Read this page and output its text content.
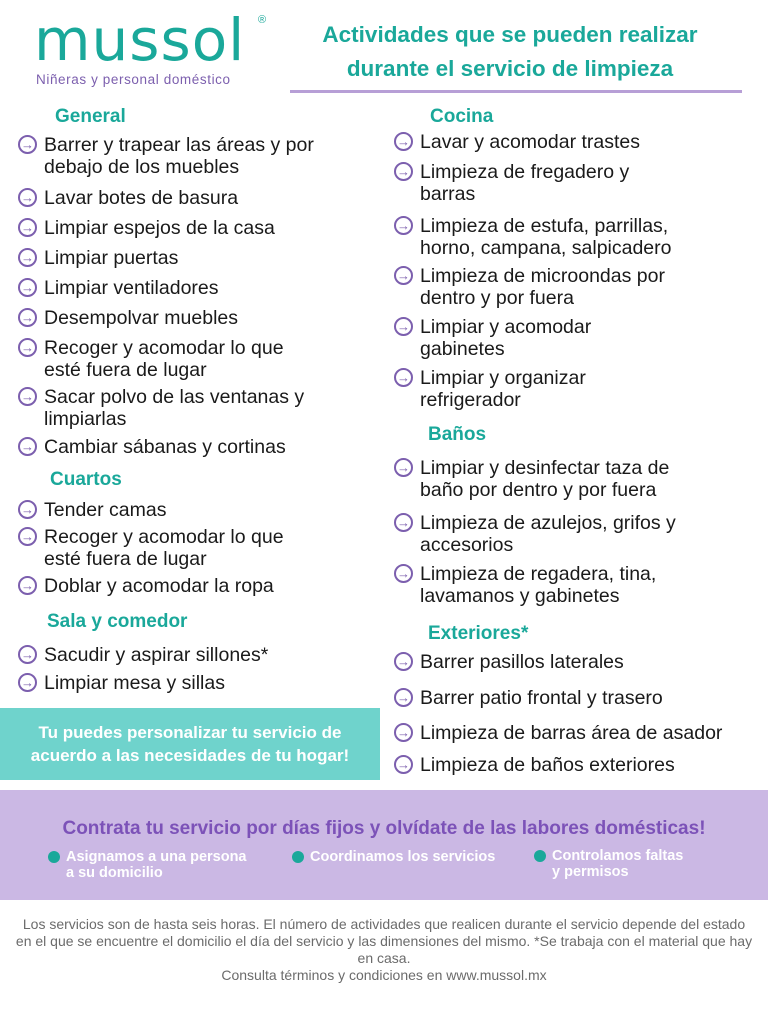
mussol ®
Niñeras y personal doméstico
Actividades que se pueden realizar
durante el servicio de limpieza
General
→ Barrer y trapear las áreas y por
debajo de los muebles
→ Lavar botes de basura
→ Limpiar espejos de la casa
→ Limpiar puertas
→ Limpiar ventiladores
→ Desempolvar muebles
→ Recoger y acomodar lo que
esté fuera de lugar
→ Sacar polvo de las ventanas y
limpiarlas
→ Cambiar sábanas y cortinas
Cuartos
→ Tender camas
→ Recoger y acomodar lo que
esté fuera de lugar
→ Doblar y acomodar la ropa
Sala y comedor
→ Sacudir y aspirar sillones*
→ Limpiar mesa y sillas
Cocina
→ Lavar y acomodar trastes
→ Limpieza de fregadero y
barras
→ Limpieza de estufa, parrillas,
horno, campana, salpicadero
→ Limpieza de microondas por
dentro y por fuera
→ Limpiar y acomodar
gabinetes
→ Limpiar y organizar
refrigerador
Baños
→ Limpiar y desinfectar taza de
baño por dentro y por fuera
→ Limpieza de azulejos, grifos y
accesorios
→ Limpieza de regadera, tina,
lavamanos y gabinetes
Exteriores*
→ Barrer pasillos laterales
→ Barrer patio frontal y trasero
→ Limpieza de barras área de asador
→ Limpieza de baños exteriores
Tu puedes personalizar tu servicio de
acuerdo a las necesidades de tu hogar!
Contrata tu servicio por días fijos y olvídate de las labores domésticas!
Asignamos a una persona
a su domicilio
Coordinamos los servicios	Controlamos faltas
y permisos
Los servicios son de hasta seis horas. El número de actividades que realicen durante el servicio depende del estado en el que se encuentre el domicilio el día del servicio y las dimensiones del mismo. *Se trabaja con el material que hay en casa.
Consulta términos y condiciones en www.mussol.mx
